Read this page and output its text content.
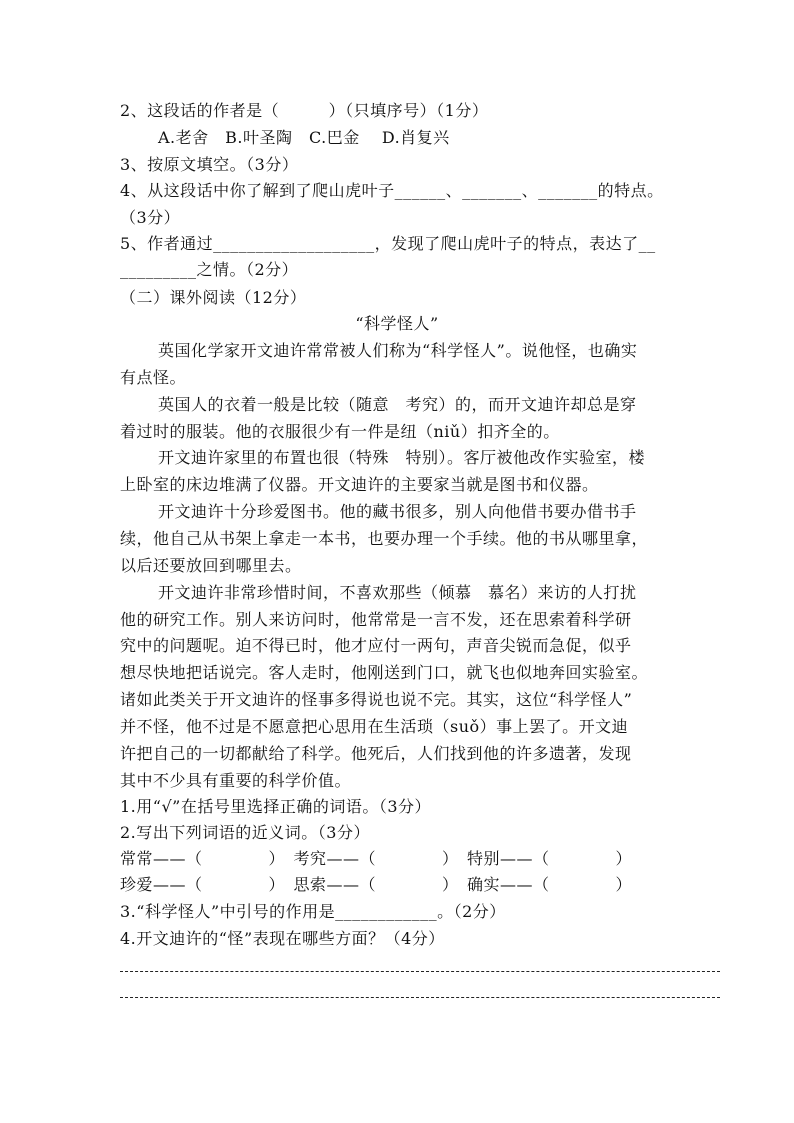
2、这段话的作者是（　　　）（只填序号）（1分）
A.老舍　B.叶圣陶　C.巴金　 D.肖复兴
3、按原文填空。（3分）
4、从这段话中你了解到了爬山虎叶子______、_______、_______的特点。
（3分）
5、作者通过___________________，发现了爬山虎叶子的特点，表达了__
_________之情。（2分）
（二）课外阅读（12分）
“科学怪人”
英国化学家开文迪许常常被人们称为“科学怪人”。说他怪，也确实
有点怪。
英国人的衣着一般是比较（随意　考究）的，而开文迪许却总是穿
着过时的服装。他的衣服很少有一件是纽（niǔ）扣齐全的。
开文迪许家里的布置也很（特殊　特别）。客厅被他改作实验室，楼
上卧室的床边堆满了仪器。开文迪许的主要家当就是图书和仪器。
开文迪许十分珍爱图书。他的藏书很多，别人向他借书要办借书手
续，他自己从书架上拿走一本书，也要办理一个手续。他的书从哪里拿，
以后还要放回到哪里去。
开文迪许非常珍惜时间，不喜欢那些（倾慕　慕名）来访的人打扰
他的研究工作。别人来访问时，他常常是一言不发，还在思索着科学研
究中的问题呢。迫不得已时，他才应付一两句，声音尖锐而急促，似乎
想尽快地把话说完。客人走时，他刚送到门口，就飞也似地奔回实验室。
诸如此类关于开文迪许的怪事多得说也说不完。其实，这位“科学怪人”
并不怪，他不过是不愿意把心思用在生活琐（suǒ）事上罢了。开文迪
许把自己的一切都献给了科学。他死后，人们找到他的许多遗著，发现
其中不少具有重要的科学价值。
1.用“√”在括号里选择正确的词语。（3分）
2.写出下列词语的近义词。（3分）
常常——（　　　　）　考究——（　　　　）　特别——（　　　　）
珍爱——（　　　　）　思索——（　　　　）　确实——（　　　　）
3.“科学怪人”中引号的作用是____________。（2分）
4.开文迪许的“怪”表现在哪些方面？（4分）
